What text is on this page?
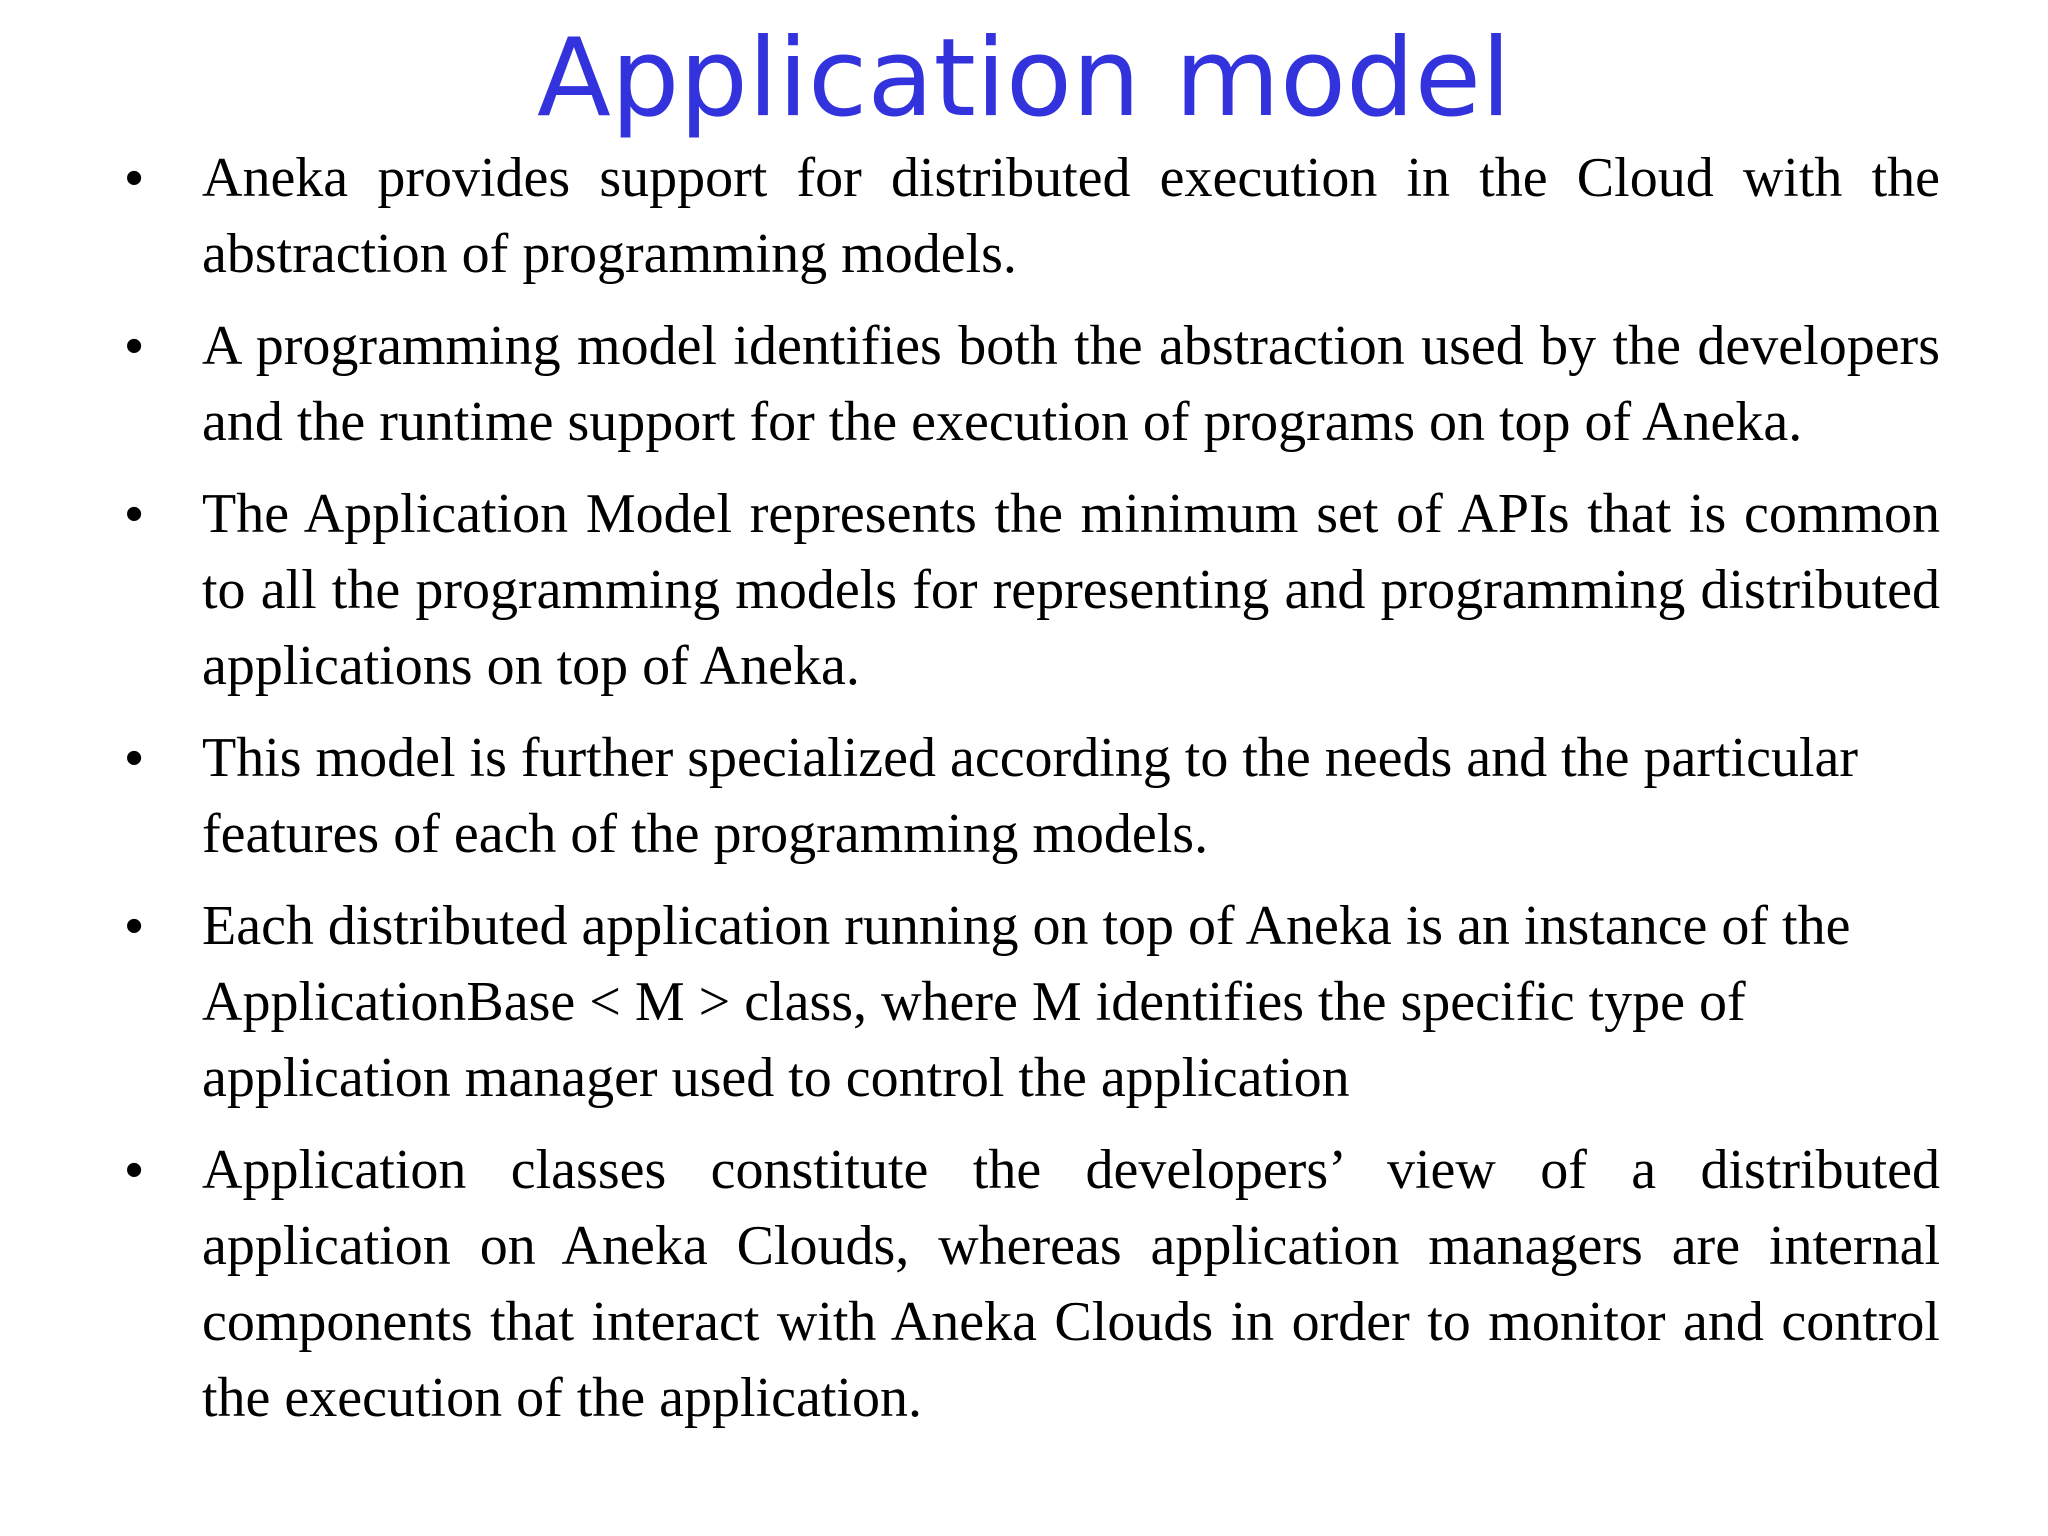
Application model
•	Aneka provides support for distributed execution in the Cloud with the abstraction of programming models.
•	A programming model identifies both the abstraction used by the developers and the runtime support for the execution of programs on top of Aneka.
•	The Application Model represents the minimum set of APIs that is common to all the programming models for representing and programming distributed applications on top of Aneka.
•	This model is further specialized according to the needs and the particular features of each of the programming models.
•	Each distributed application running on top of Aneka is an instance of the ApplicationBase < M > class, where M identifies the specific type of application manager used to control the application
•	Application classes constitute the developers’ view of a distributed application on Aneka Clouds, whereas application managers are internal components that interact with Aneka Clouds in order to monitor and control the execution of the application.
